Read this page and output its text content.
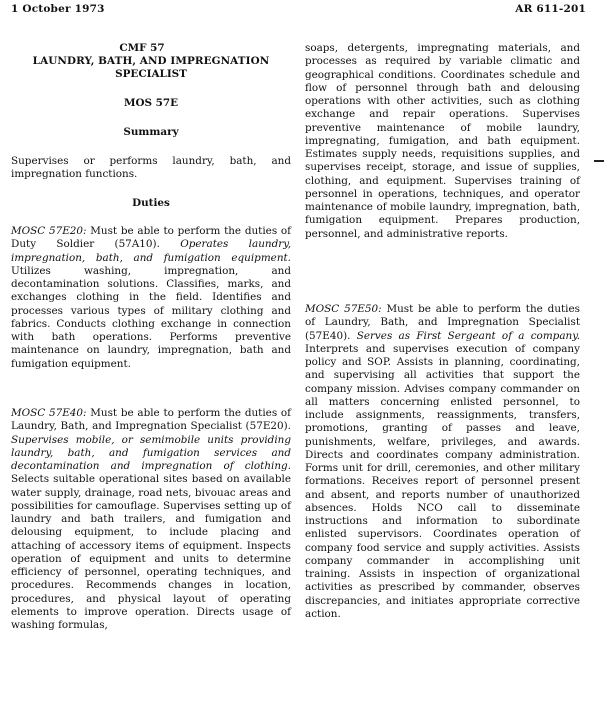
1 October 1973	AR 611-201
CMF 57
LAUNDRY, BATH, AND IMPREGNATION
SPECIALIST
MOS 57E
Summary

Supervises or performs laundry, bath, and impregnation functions.

Duties

MOSC 57E20: Must be able to perform the duties of Duty Soldier (57A10). Operates laundry, impregnation, bath, and fumigation equipment. Utilizes washing, impregnation, and decontamination solutions. Classifies, marks, and exchanges clothing in the field. Identifies and processes various types of military clothing and fabrics. Conducts clothing exchange in connection with bath operations. Performs preventive maintenance on laundry, impregnation, bath and fumigation equipment.

MOSC 57E40: Must be able to perform the duties of Laundry, Bath, and Impregnation Specialist (57E20). Supervises mobile, or semimobile units providing laundry, bath, and fumigation services and decontamination and impregnation of clothing. Selects suitable operational sites based on available water supply, drainage, road nets, bivouac areas and possibilities for camouflage. Supervises setting up of laundry and bath trailers, and fumigation and delousing equipment, to include placing and attaching of accessory items of equipment. Inspects operation of equipment and units to determine efficiency of personnel, operating techniques, and procedures. Recommends changes in location, procedures, and physical layout of operating elements to improve operation. Directs usage of washing formulas,

soaps, detergents, impregnating materials, and processes as required by variable climatic and geographical conditions. Coordinates schedule and flow of personnel through bath and delousing operations with other activities, such as clothing exchange and repair operations. Supervises preventive maintenance of mobile laundry, impregnating, fumigation, and bath equipment. Estimates supply needs, requisitions supplies, and supervises receipt, storage, and issue of supplies, clothing, and equipment. Supervises training of personnel in operations, techniques, and operator maintenance of mobile laundry, impregnation, bath, fumigation equipment. Prepares production, personnel, and administrative reports.

MOSC 57E50: Must be able to perform the duties of Laundry, Bath, and Impregnation Specialist (57E40). Serves as First Sergeant of a company. Interprets and supervises execution of company policy and SOP. Assists in planning, coordinating, and supervising all activities that support the company mission. Advises company commander on all matters concerning enlisted personnel, to include assignments, reassignments, transfers, promotions, granting of passes and leave, punishments, welfare, privileges, and awards. Directs and coordinates company administration. Forms unit for drill, ceremonies, and other military formations. Receives report of personnel present and absent, and reports number of unauthorized absences. Holds NCO call to disseminate instructions and information to subordinate enlisted supervisors. Coordinates operation of company food service and supply activities. Assists company commander in accomplishing unit training. Assists in inspection of organizational activities as prescribed by commander, observes discrepancies, and initiates appropriate corrective action.
